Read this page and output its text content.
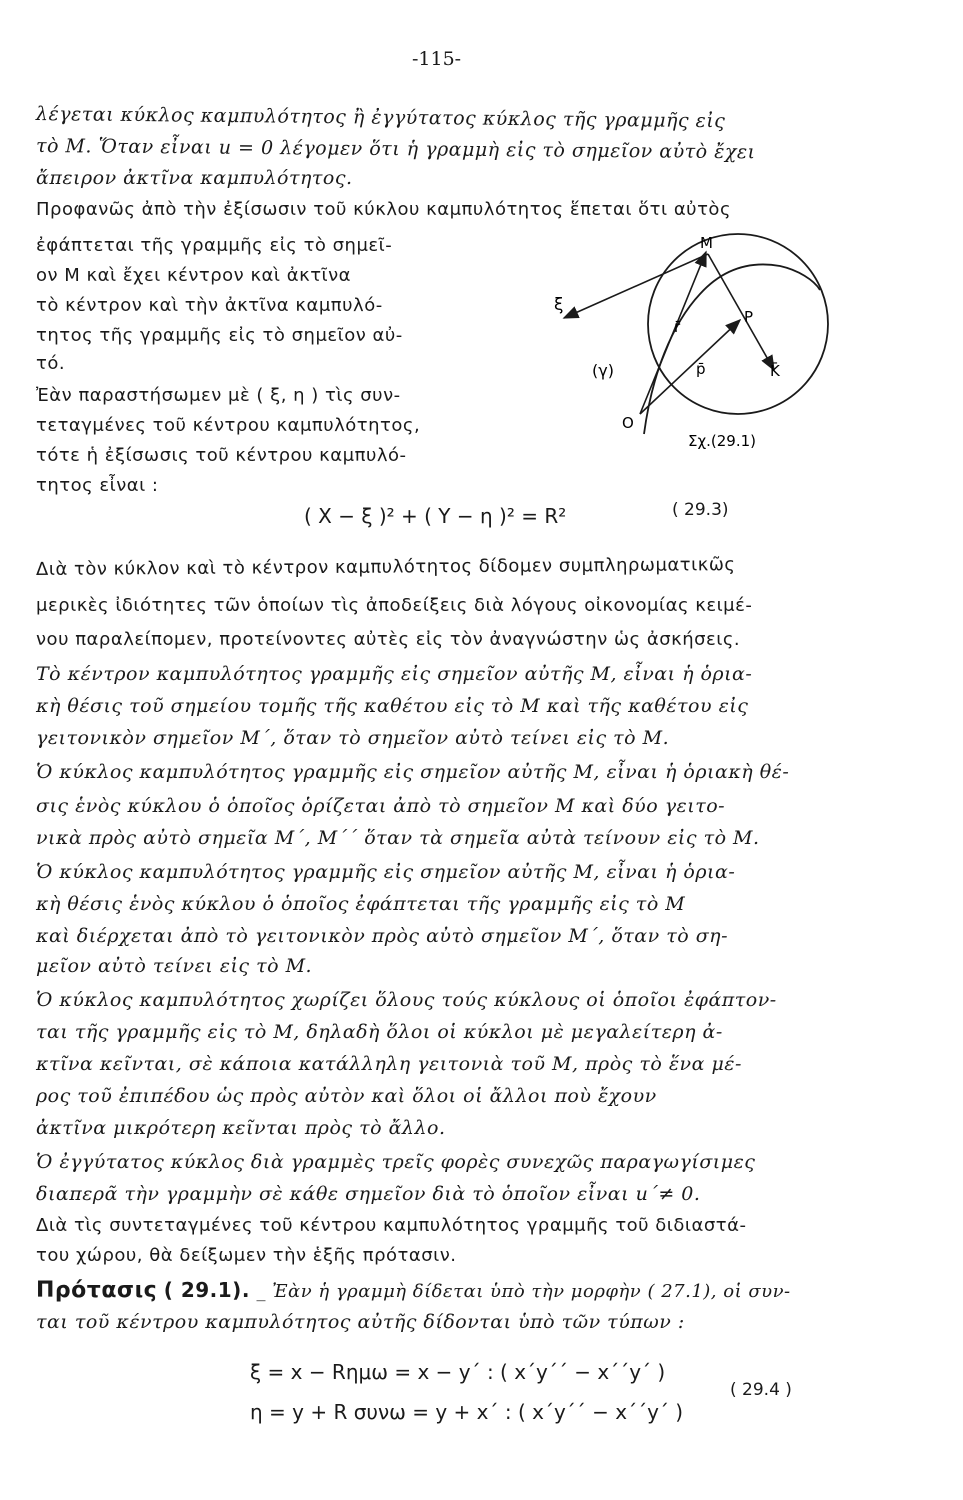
-115-
λέγεται κύκλος καμπυλότητος ἢ ἐγγύτατος κύκλος τῆς γραμμῆς εἰς
τὸ Μ. Ὅταν εἶναι u = 0 λέγομεν ὅτι ἡ γραμμὴ εἰς τὸ σημεῖον αὐτὸ ἔχει
ἄπειρον ἀκτῖνα καμπυλότητος.
Προφανῶς ἀπὸ τὴν ἐξίσωσιν τοῦ κύκλου καμπυλότητος ἕπεται ὅτι αὐτὸς
ἐφάπτεται τῆς γραμμῆς εἰς τὸ σημεῖ-
ον Μ καὶ ἔχει κέντρον καὶ ἀκτῖνα
τὸ κέντρον καὶ τὴν ἀκτῖνα καμπυλό-
τητος τῆς γραμμῆς εἰς τὸ σημεῖον αὐ-
τό.
Ἐὰν παραστήσωμεν μὲ ( ξ, η ) τὶς συν-
τεταγμένες τοῦ κέντρου καμπυλότητος,
τότε ἡ ἐξίσωσις τοῦ κέντρου καμπυλό-
τητος εἶναι :
M
ξ
r̄
P
p̄	K̄
(γ)
O
Σχ.(29.1)
( X − ξ )² + ( Y − η )² = R²	( 29.3)
Διὰ τὸν κύκλον καὶ τὸ κέντρον καμπυλότητος δίδομεν συμπληρωματικῶς
μερικὲς ἰδιότητες τῶν ὁποίων τὶς ἀποδείξεις διὰ λόγους οἰκονομίας κειμέ-
νου παραλείπομεν, προτείνοντες αὐτὲς εἰς τὸν ἀναγνώστην ὡς ἀσκήσεις.
Τὸ κέντρον καμπυλότητος γραμμῆς εἰς σημεῖον αὐτῆς Μ, εἶναι ἡ ὁρια-
κὴ θέσις τοῦ σημείου τομῆς τῆς καθέτου εἰς τὸ Μ καὶ τῆς καθέτου εἰς
γειτονικὸν σημεῖον Μ΄, ὅταν τὸ σημεῖον αὐτὸ τείνει εἰς τὸ Μ.
Ὁ κύκλος καμπυλότητος γραμμῆς εἰς σημεῖον αὐτῆς Μ, εἶναι ἡ ὁριακὴ θέ-
σις ἑνὸς κύκλου ὁ ὁποῖος ὁρίζεται ἀπὸ τὸ σημεῖον Μ καὶ δύο γειτο-
νικὰ πρὸς αὐτὸ σημεῖα Μ΄, Μ΄΄ ὅταν τὰ σημεῖα αὐτὰ τείνουν εἰς τὸ Μ.
Ὁ κύκλος καμπυλότητος γραμμῆς εἰς σημεῖον αὐτῆς Μ, εἶναι ἡ ὁρια-
κὴ θέσις ἑνὸς κύκλου ὁ ὁποῖος ἐφάπτεται τῆς γραμμῆς εἰς τὸ Μ
καὶ διέρχεται ἀπὸ τὸ γειτονικὸν πρὸς αὐτὸ σημεῖον Μ΄, ὅταν τὸ ση-
μεῖον αὐτὸ τείνει εἰς τὸ Μ.
Ὁ κύκλος καμπυλότητος χωρίζει ὅλους τούς κύκλους οἱ ὁποῖοι ἐφάπτον-
ται τῆς γραμμῆς εἰς τὸ Μ, δηλαδὴ ὅλοι οἱ κύκλοι μὲ μεγαλείτερη ἀ-
κτῖνα κεῖνται, σὲ κάποια κατάλληλη γειτονιὰ τοῦ Μ, πρὸς τὸ ἕνα μέ-
ρος τοῦ ἐπιπέδου ὡς πρὸς αὐτὸν καὶ ὅλοι οἱ ἄλλοι ποὺ ἔχουν
ἀκτῖνα μικρότερη κεῖνται πρὸς τὸ ἄλλο.
Ὁ ἐγγύτατος κύκλος διὰ γραμμὲς τρεῖς φορὲς συνεχῶς παραγωγίσιμες
διαπερᾶ τὴν γραμμὴν σὲ κάθε σημεῖον διὰ τὸ ὁποῖον εἶναι u΄≠ 0.
Διὰ τὶς συντεταγμένες τοῦ κέντρου καμπυλότητος γραμμῆς τοῦ διδιαστά-
του χώρου, θὰ δείξωμεν τὴν ἑξῆς πρότασιν.
Πρότασις ( 29.1). _ Ἐὰν ἡ γραμμὴ δίδεται ὑπὸ τὴν μορφὴν ( 27.1), οἱ συν-
ται τοῦ κέντρου καμπυλότητος αὐτῆς δίδονται ὑπὸ τῶν τύπων :
ξ = x − Rημω = x − y΄ : ( x΄y΄΄ − x΄΄y΄ )
η = y + R συνω = y + x΄ : ( x΄y΄΄ − x΄΄y΄ )
( 29.4 )
